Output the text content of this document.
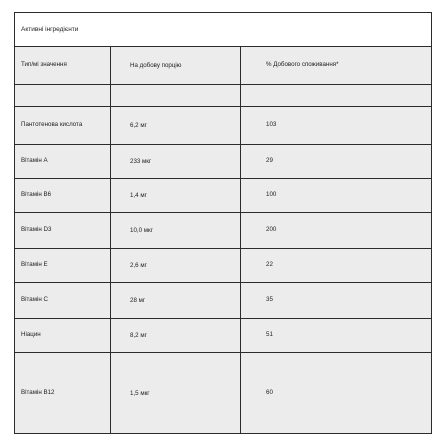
Активні інгредієнти
Тип/мі значення	На добову порцію	% Добового споживання*
Пантотенова кислота	6,2 мг	103
Вітамін А	233 мкг	29
Вітамін В6	1,4 мг	100
Вітамін D3	10,0 мкг	200
Вітамін Е	2,6 мг	22
Вітамін С	28 мг	35
Ніацин	8,2 мг	51
Вітамін В12	1,5 мкг	60
